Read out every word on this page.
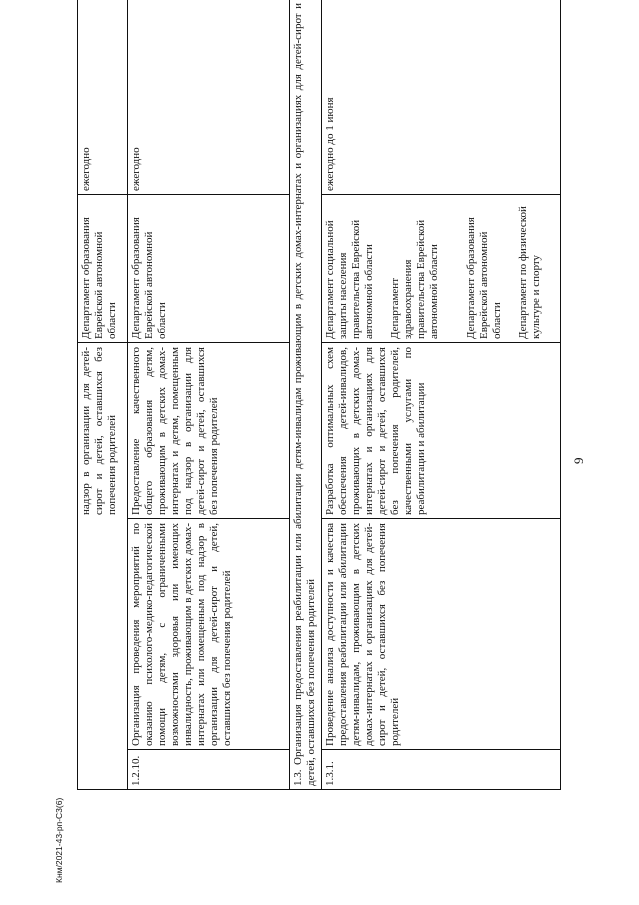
9
надзор в организации для детей-сирот и детей, оставшихся без попечения родителей
Департамент образования Еврейской автономной области
ежегодно
1.2.10.
Организация проведения мероприятий по оказанию психолого-медико-педагогической помощи детям, с ограниченными возможностями здоровья или имеющих инвалидность, проживающим в детских домах-интернатах или помещенным под надзор в организации для детей-сирот и детей, оставшихся без попечения родителей
Предоставление качественного общего образования детям, проживающим в детских домах-интернатах и детям, помещенным под надзор в организации для детей-сирот и детей, оставшихся без попечения родителей
Департамент образования Еврейской автономной области
ежегодно	1.3. Организация предоставления реабилитации или абилитации детям-инвалидам проживающим в детских домах-интернатах и организациях для детей-сирот и детей, оставшихся без попечения родителей 1.3.1.
Проведение анализа доступности и качества предоставления реабилитации или абилитации детям-инвалидам, проживающим в детских домах-интернатах и организациях для детей-сирот и детей, оставшихся без попечения родителей
Разработка оптимальных схем обеспечения детей-инвалидов, проживающих в детских домах-интернатах и организациях для детей-сирот и детей, оставшихся без попечения родителей, качественными услугами по реабилитации и абилитации
Департамент социальной защиты населения правительства Еврейской автономной области Департамент здравоохранения правительства Еврейской автономной области Департамент образования Еврейской автономной области Департамент по физической культуре и спорту
ежегодно до 1 июня
Кнм/2021-43-рп-С3(6)
